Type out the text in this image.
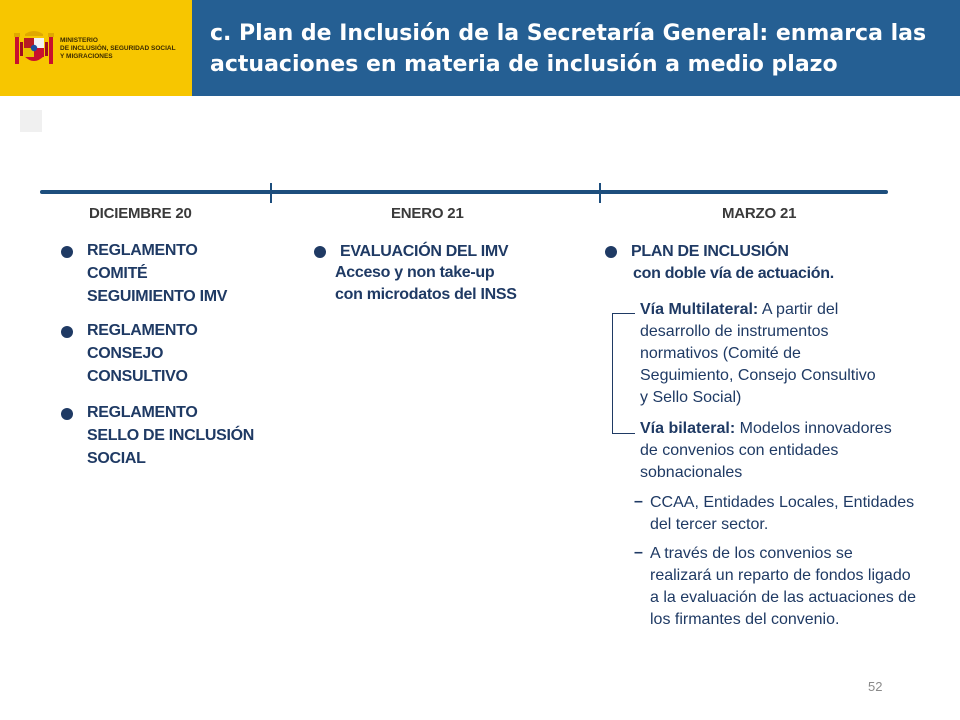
MINISTERIO
DE INCLUSIÓN, SEGURIDAD SOCIAL
Y MIGRACIONES
c. Plan de Inclusión de la Secretaría General: enmarca las
actuaciones en materia de inclusión a medio plazo
DICIEMBRE 20	ENERO 21	MARZO 21
REGLAMENTO
COMITÉ
SEGUIMIENTO IMV
REGLAMENTO
CONSEJO
CONSULTIVO
REGLAMENTO
SELLO DE INCLUSIÓN
SOCIAL
EVALUACIÓN DEL IMV
Acceso y non take-up
con microdatos del INSS
PLAN DE INCLUSIÓN
con doble vía de actuación.
Vía Multilateral: A partir del
desarrollo de instrumentos
normativos (Comité de
Seguimiento, Consejo Consultivo
y Sello Social)
Vía bilateral: Modelos innovadores
de convenios con entidades
sobnacionales
– CCAA, Entidades Locales, Entidades
del tercer sector.
– A través de los convenios se
realizará un reparto de fondos ligado
a la evaluación de las actuaciones de
los firmantes del convenio.
52
